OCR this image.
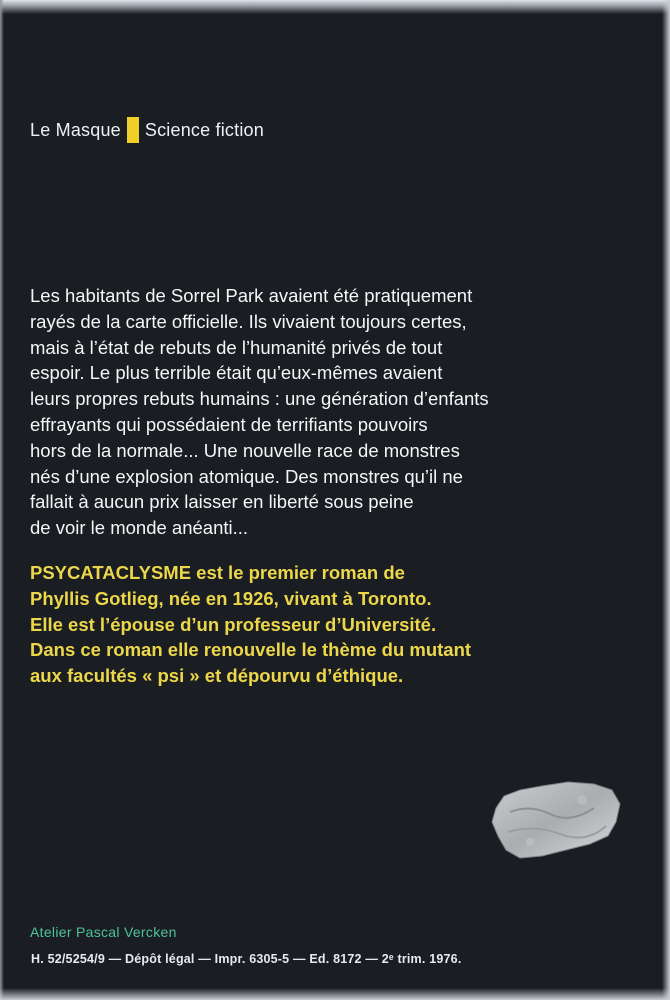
Le Masque Science fiction

Les habitants de Sorrel Park avaient été pratiquement
rayés de la carte officielle. Ils vivaient toujours certes,
mais à l’état de rebuts de l’humanité privés de tout
espoir. Le plus terrible était qu’eux-mêmes avaient
leurs propres rebuts humains : une génération d’enfants
effrayants qui possédaient de terrifiants pouvoirs
hors de la normale... Une nouvelle race de monstres
nés d’une explosion atomique. Des monstres qu’il ne
fallait à aucun prix laisser en liberté sous peine
de voir le monde anéanti...

PSYCATACLYSME est le premier roman de
Phyllis Gotlieg, née en 1926, vivant à Toronto.
Elle est l’épouse d’un professeur d’Université.
Dans ce roman elle renouvelle le thème du mutant
aux facultés « psi » et dépourvu d’éthique.

Atelier Pascal Vercken
H. 52/5254/9 — Dépôt légal — Impr. 6305-5 — Ed. 8172 — 2ᵉ trim. 1976.
